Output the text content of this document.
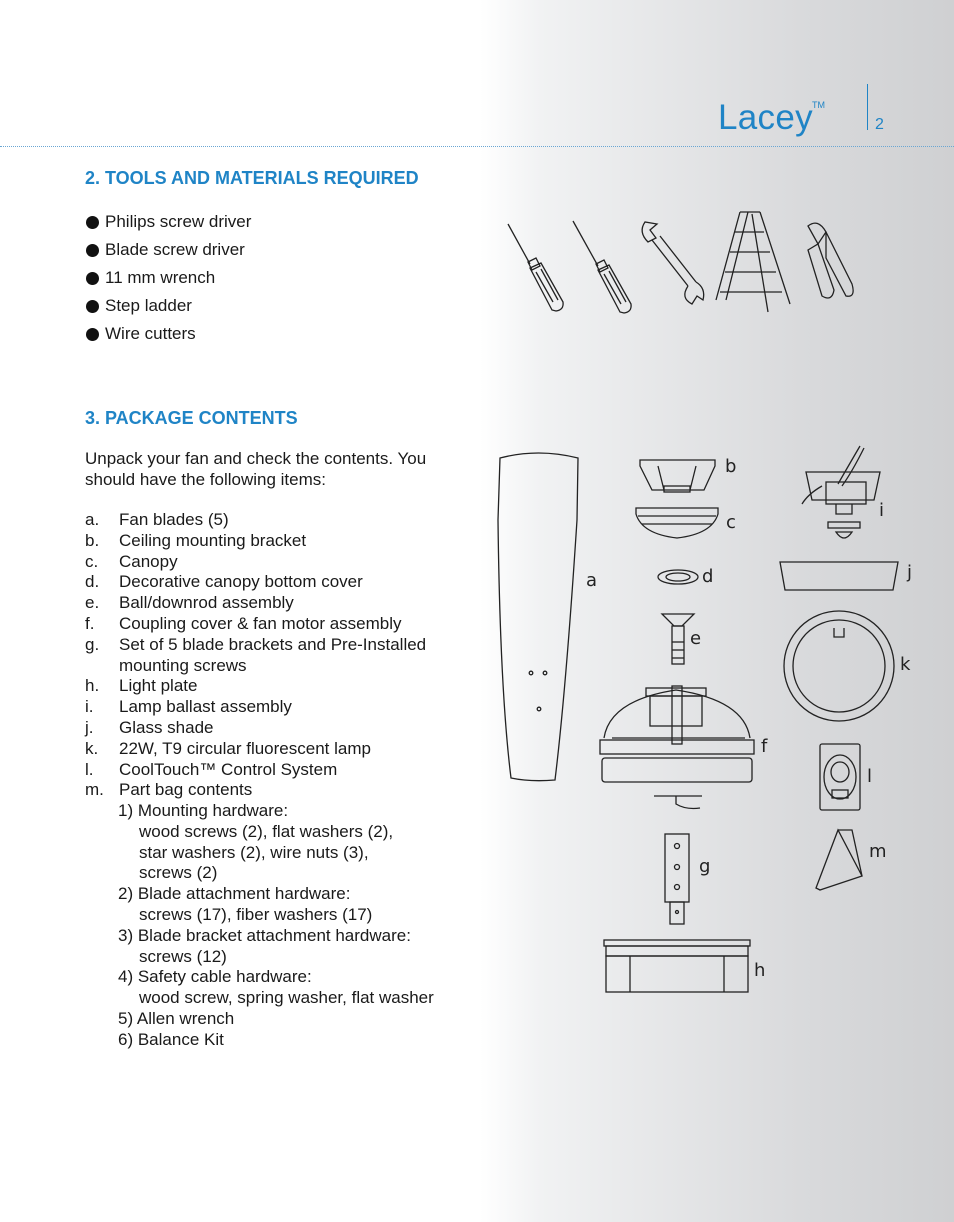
Lacey TM
2
2. TOOLS AND MATERIALS REQUIRED
Philips screw driver
Blade screw driver
11 mm wrench
Step ladder
Wire cutters
3. PACKAGE CONTENTS
Unpack your fan and check the contents. You should have the following items:
a.	Fan blades (5)
b.	Ceiling mounting bracket
c.	Canopy
d.	Decorative canopy bottom cover
e.	Ball/downrod assembly
f.	Coupling cover & fan motor assembly
g.	Set of 5 blade brackets and Pre-Installed mounting screws
h.	Light plate
i.	Lamp ballast assembly
j.	Glass shade
k.	22W, T9 circular fluorescent lamp
l.	CoolTouch™ Control System
m. Part bag contents
1) Mounting hardware:
wood screws (2), flat washers (2),
star washers (2), wire nuts (3),
screws (2)
2) Blade attachment hardware:
screws (17), fiber washers (17)
3) Blade bracket attachment hardware:
screws (12)
4) Safety cable hardware:
wood screw, spring washer, flat washer
5) Allen wrench
6) Balance Kit
a
b
c
d
e
f
g
h
i
j
k
l
m
